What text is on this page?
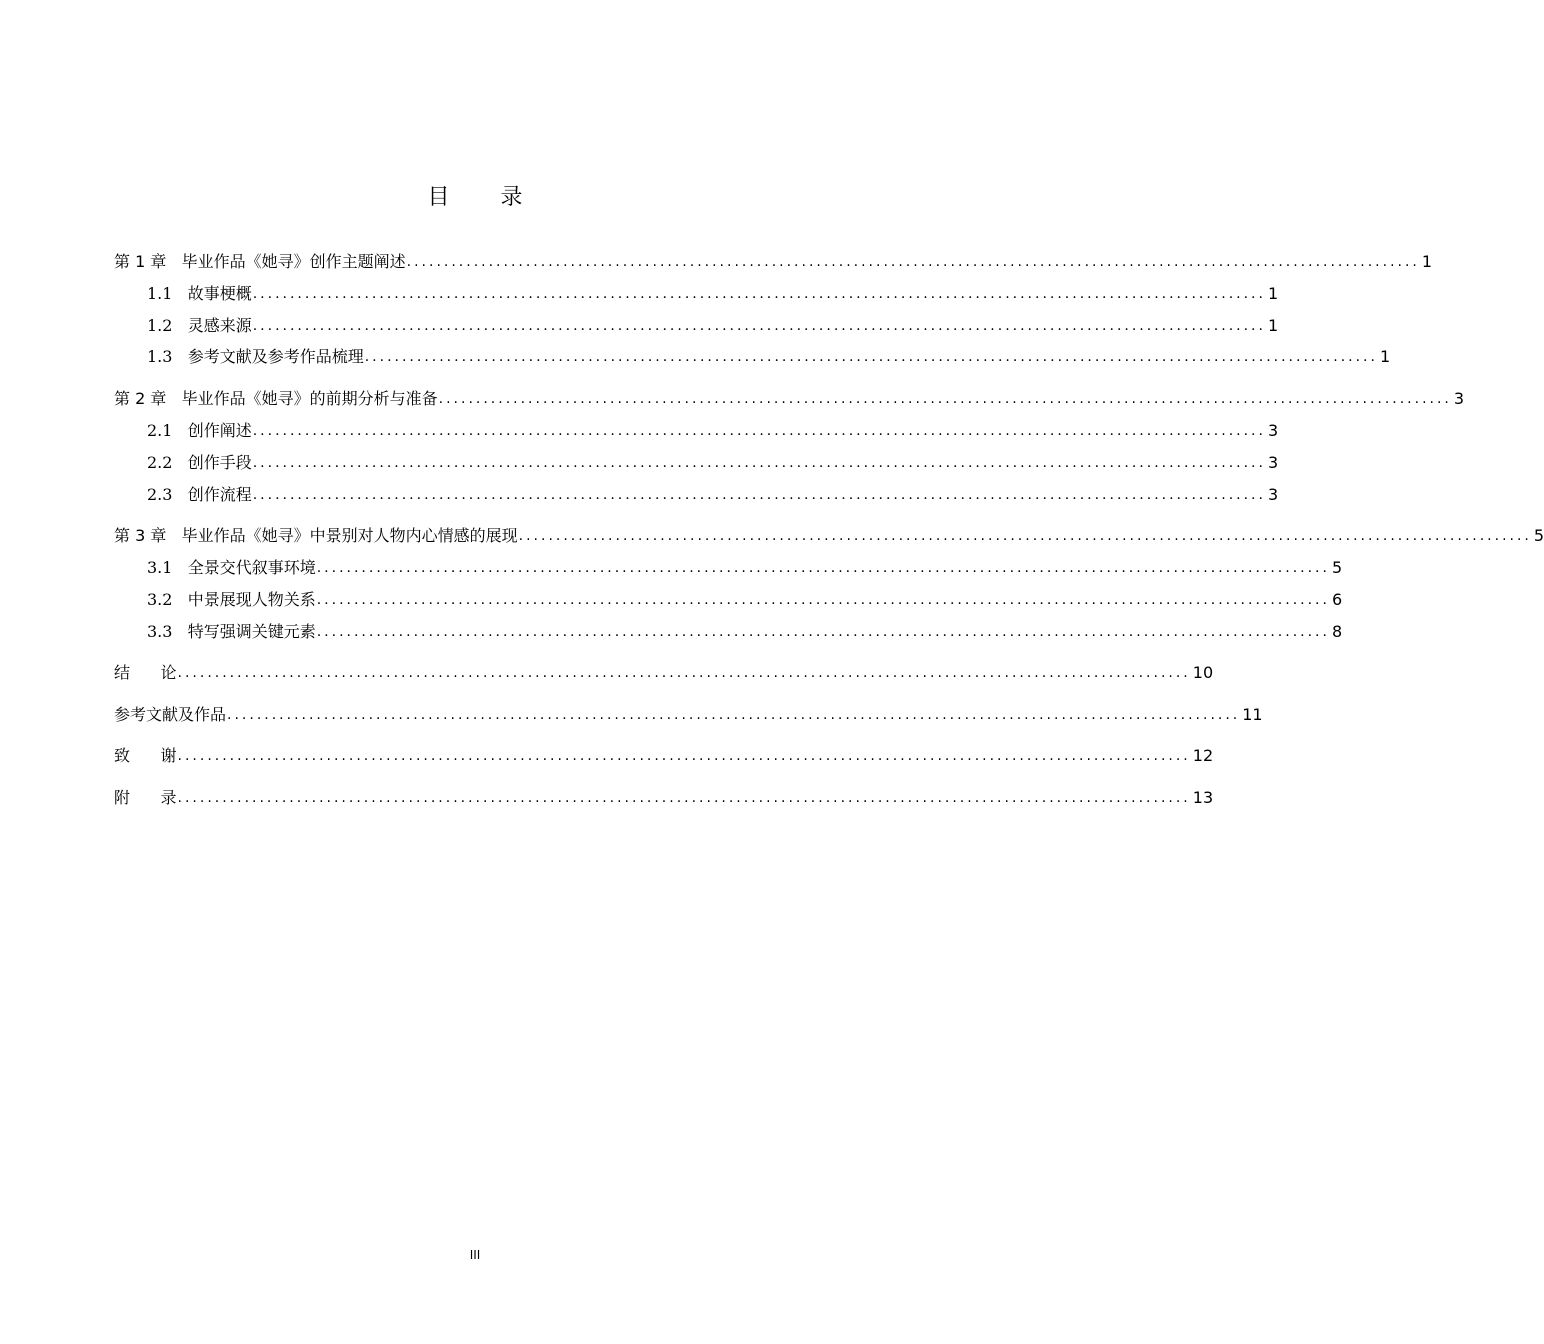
目 录
第 1 章 毕业作品《她寻》创作主题阐述 ........................................................................................................................................ 1
1.1 故事梗概 ........................................................................................................................................ 1
1.2 灵感来源 ........................................................................................................................................ 1
1.3 参考文献及参考作品梳理 ........................................................................................................................................ 1
第 2 章 毕业作品《她寻》的前期分析与准备 ........................................................................................................................................ 3
2.1 创作阐述 ........................................................................................................................................ 3
2.2 创作手段 ........................................................................................................................................ 3
2.3 创作流程 ........................................................................................................................................ 3
第 3 章 毕业作品《她寻》中景别对人物内心情感的展现 ........................................................................................................................................ 5
3.1 全景交代叙事环境 ........................................................................................................................................ 5
3.2 中景展现人物关系 ........................................................................................................................................ 6
3.3 特写强调关键元素 ........................................................................................................................................ 8
结      论 ........................................................................................................................................ 10
参考文献及作品 ........................................................................................................................................ 11
致      谢 ........................................................................................................................................ 12
附      录 ........................................................................................................................................ 13
III
